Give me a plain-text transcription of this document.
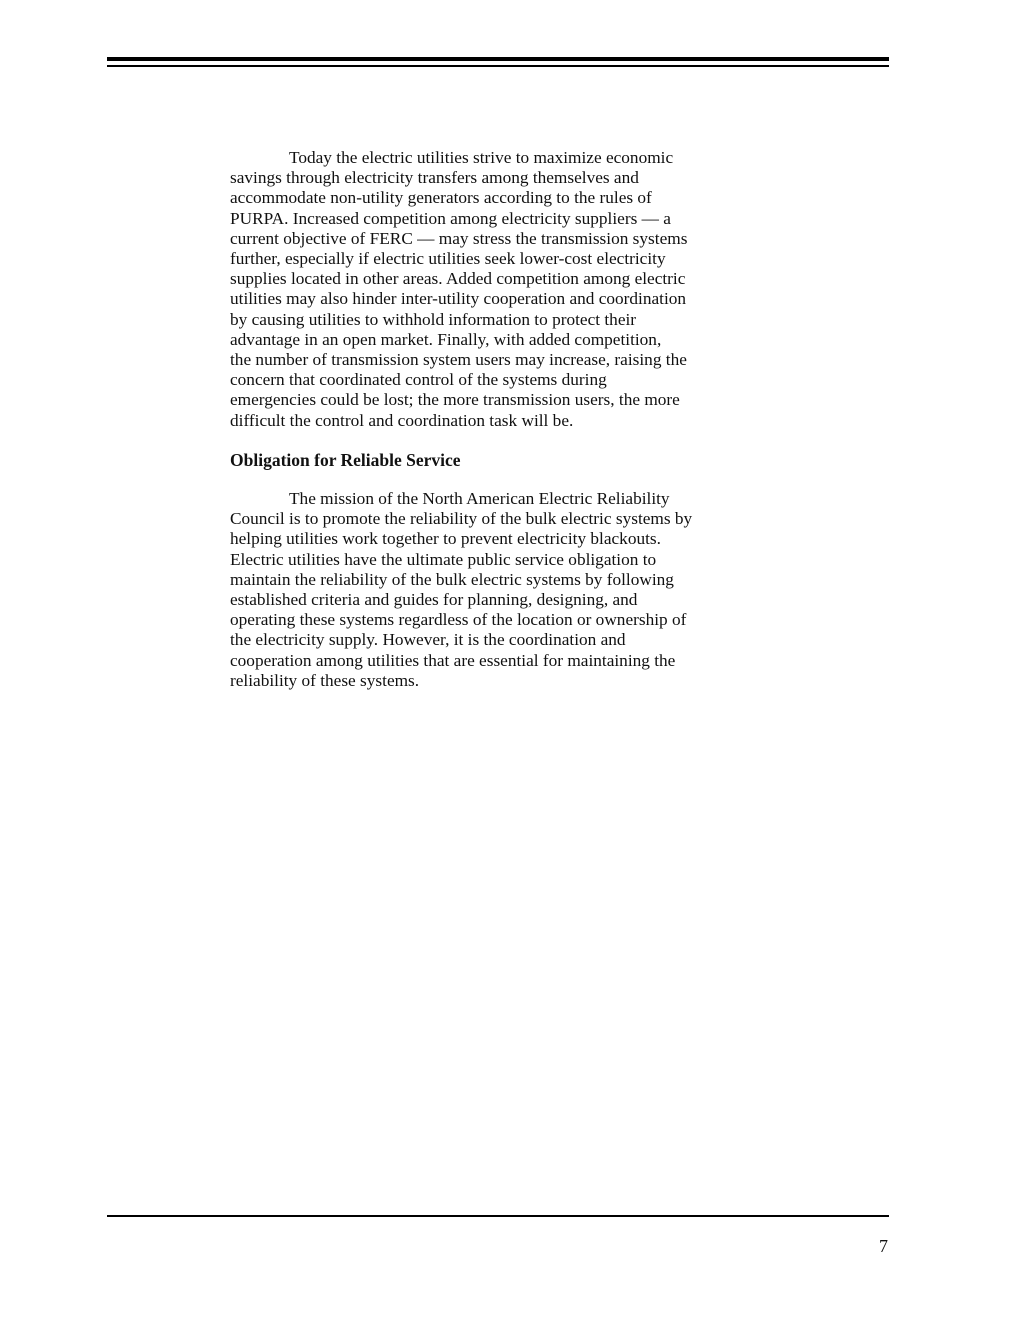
Today the electric utilities strive to maximize economic
savings through electricity transfers among themselves and
accommodate non-utility generators according to the rules of
PURPA. Increased competition among electricity suppliers — a
current objective of FERC — may stress the transmission systems
further, especially if electric utilities seek lower-cost electricity
supplies located in other areas. Added competition among electric
utilities may also hinder inter-utility cooperation and coordination
by causing utilities to withhold information to protect their
advantage in an open market. Finally, with added competition,
the number of transmission system users may increase, raising the
concern that coordinated control of the systems during
emergencies could be lost; the more transmission users, the more
difficult the control and coordination task will be.
Obligation for Reliable Service
The mission of the North American Electric Reliability
Council is to promote the reliability of the bulk electric systems by
helping utilities work together to prevent electricity blackouts.
Electric utilities have the ultimate public service obligation to
maintain the reliability of the bulk electric systems by following
established criteria and guides for planning, designing, and
operating these systems regardless of the location or ownership of
the electricity supply. However, it is the coordination and
cooperation among utilities that are essential for maintaining the
reliability of these systems.
7
